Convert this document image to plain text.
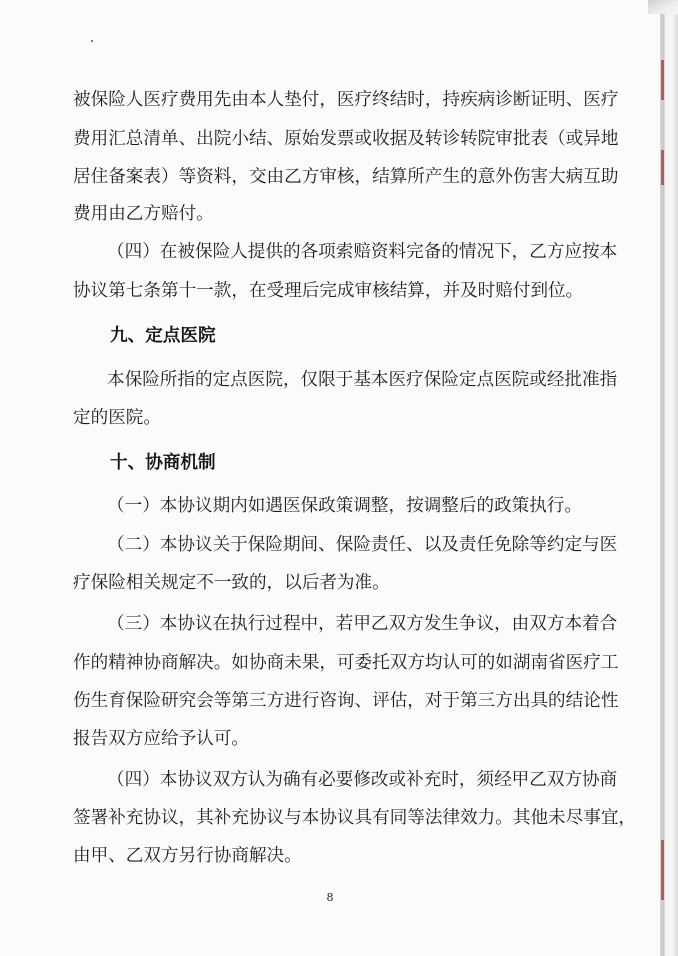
被保险人医疗费用先由本人垫付，医疗终结时，持疾病诊断证明、医疗

费用汇总清单、出院小结、原始发票或收据及转诊转院审批表（或异地

居住备案表）等资料，交由乙方审核，结算所产生的意外伤害大病互助

费用由乙方赔付。

（四）在被保险人提供的各项索赔资料完备的情况下，乙方应按本

协议第七条第十一款，在受理后完成审核结算，并及时赔付到位。

九、定点医院

本保险所指的定点医院，仅限于基本医疗保险定点医院或经批准指

定的医院。

十、协商机制

（一）本协议期内如遇医保政策调整，按调整后的政策执行。

（二）本协议关于保险期间、保险责任、以及责任免除等约定与医

疗保险相关规定不一致的，以后者为准。

（三）本协议在执行过程中，若甲乙双方发生争议，由双方本着合

作的精神协商解决。如协商未果，可委托双方均认可的如湖南省医疗工

伤生育保险研究会等第三方进行咨询、评估，对于第三方出具的结论性

报告双方应给予认可。

（四）本协议双方认为确有必要修改或补充时，须经甲乙双方协商

签署补充协议，其补充协议与本协议具有同等法律效力。其他未尽事宜，

由甲、乙双方另行协商解决。

8
